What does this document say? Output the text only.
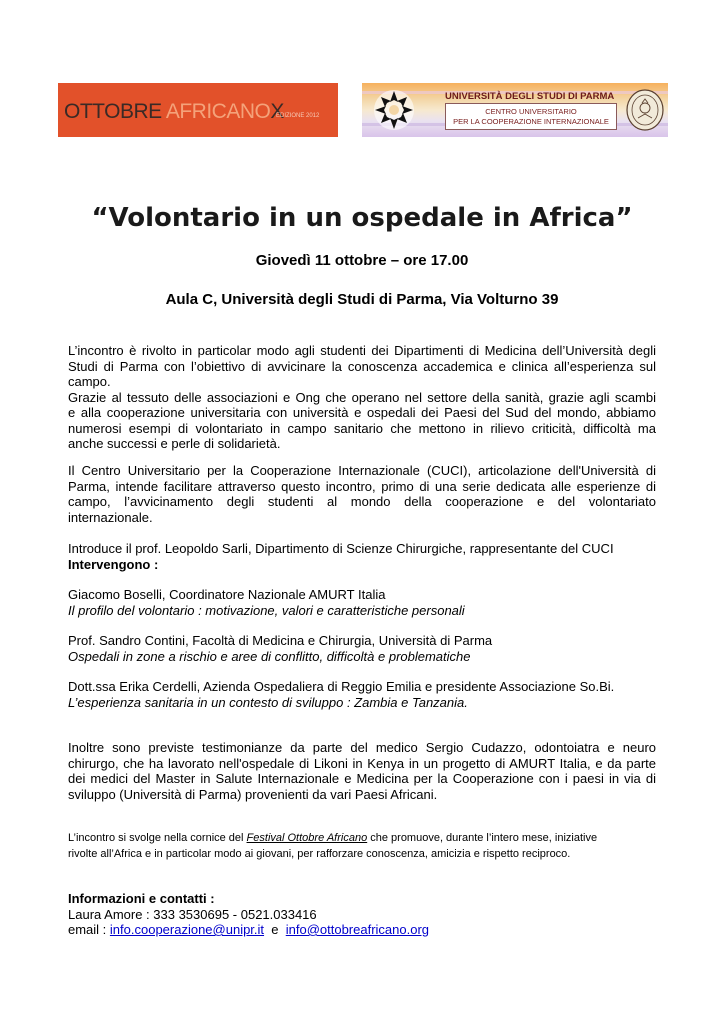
OTTOBRE AFRICANOX
EDIZIONE 2012
UNIVERSITÀ DEGLI STUDI DI PARMA
CENTRO UNIVERSITARIO
PER LA COOPERAZIONE INTERNAZIONALE
“Volontario in un ospedale in Africa”
Giovedì 11 ottobre – ore 17.00
Aula C, Università degli Studi di Parma, Via Volturno 39
L’incontro è rivolto in particolar modo agli studenti dei Dipartimenti di Medicina dell’Università degli
Studi di Parma con l’obiettivo di avvicinare la conoscenza accademica e clinica all’esperienza sul
campo.
Grazie al tessuto delle associazioni e Ong che operano nel settore della sanità, grazie agli scambi
e alla cooperazione universitaria con università e ospedali dei Paesi del Sud del mondo, abbiamo
numerosi esempi di volontariato in campo sanitario che mettono in rilievo criticità, difficoltà ma
anche successi e perle di solidarietà.
Il Centro Universitario per la Cooperazione Internazionale (CUCI), articolazione dell'Università di
Parma, intende facilitare attraverso questo incontro, primo di una serie dedicata alle esperienze di
campo, l’avvicinamento degli studenti al mondo della cooperazione e del volontariato
internazionale.
Introduce il prof. Leopoldo Sarli, Dipartimento di Scienze Chirurgiche, rappresentante del CUCI
Intervengono :
Giacomo Boselli, Coordinatore Nazionale AMURT Italia
Il profilo del volontario : motivazione, valori e caratteristiche personali
Prof. Sandro Contini, Facoltà di Medicina e Chirurgia, Università di Parma
Ospedali in zone a rischio e aree di conflitto, difficoltà e problematiche
Dott.ssa Erika Cerdelli, Azienda Ospedaliera di Reggio Emilia e presidente Associazione So.Bi.
L’esperienza sanitaria in un contesto di sviluppo : Zambia e Tanzania.
Inoltre sono previste testimonianze da parte del medico Sergio Cudazzo, odontoiatra e neuro
chirurgo, che ha lavorato nell'ospedale di Likoni in Kenya in un progetto di AMURT Italia, e da parte
dei medici del Master in Salute Internazionale e Medicina per la Cooperazione con i paesi in via di
sviluppo (Università di Parma) provenienti da vari Paesi Africani.
L’incontro si svolge nella cornice del Festival Ottobre Africano che promuove, durante l’intero mese, iniziative
rivolte all’Africa e in particolar modo ai giovani, per rafforzare conoscenza, amicizia e rispetto reciproco.
Informazioni e contatti :
Laura Amore : 333 3530695 - 0521.033416
email : info.cooperazione@unipr.it  e  info@ottobreafricano.org
